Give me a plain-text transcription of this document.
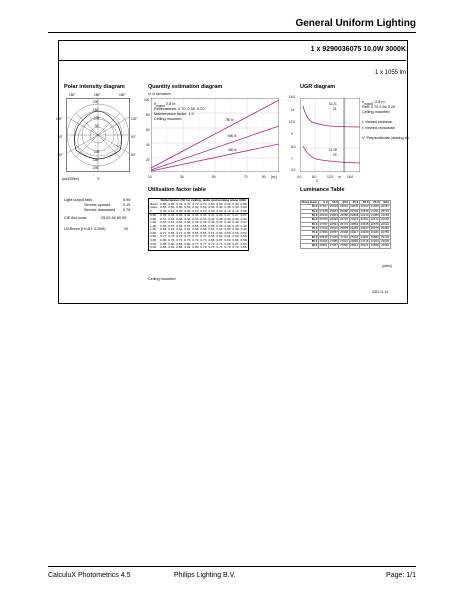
General Uniform Lighting
1 x 9290036075 10.0W 3000K
1 x 1055 lm
Polar intensity diagram
150°	180°	150°
120°
90°
60°
120°
90°
60°
200
150
100
50
100
150
200
(cd/1000lm)	0°
Quantity estimation diagram
nr. of luminaires
100
80
60
40
20
$h_{mount}$ 2.8 m
Reflectances: 0.70, 0.50, 0.20
Maintenance factor: 1.0
Ceiling mounted	750 lx
500 lx
300 lx
10	30	50	70	90 [m²]
UGR diagram
16.0
11
12.0
9
8.0
7
4.0
11.21
21
11.28
29
$h_{mount}$: 2.8 m
Refl: 0.70 0.50 0.20
Ceiling mounted
I: viewed endwise
I: viewed crosswise
V: Perpendicular viewing dir.
4.0	8.0	12.0 m 16.0
X
Light output ratio	0.95
Service upward	0.19
Service downward 0.76
CIE flux code	25 62 84 80 95
UGRnom (H=4H, 0.25H)	20
Utilisation factor table
	Reflectances (%) for ceiling, walls and working plane (CIE)										
Room	0.80	0.80	0.70	0.70	0.70	0.70	0.50	0.50	0.30	0.30	0.00
Index	0.50	0.50	0.50	0.50	0.50	0.50	0.30	0.30	0.30	0.30	0.00
k	0.30	0.10	0.30	0.20	0.10	0.10	0.30	0.10	0.10	0.10	0.00
0.60	0.39	0.36	0.38	0.36	0.35	0.35	0.31	0.30	0.27	0.27	0.27
0.80	0.47	0.44	0.46	0.44	0.43	0.43	0.39	0.38	0.34	0.34	0.32
1.00	0.53	0.51	0.52	0.50	0.49	0.49	0.44	0.43	0.40	0.40	0.37
1.25	0.60	0.57	0.59	0.57	0.55	0.55	0.50	0.49	0.45	0.45	0.42
1.50	0.65	0.62	0.64	0.61	0.59	0.59	0.54	0.53	0.50	0.49	0.46
2.00	0.72	0.68	0.71	0.68	0.66	0.66	0.61	0.60	0.56	0.56	0.52
2.50	0.77	0.73	0.75	0.73	0.70	0.70	0.65	0.64	0.61	0.60	0.56
3.00	0.80	0.76	0.79	0.76	0.73	0.73	0.68	0.67	0.64	0.63	0.59
4.00	0.85	0.80	0.83	0.80	0.77	0.77	0.72	0.71	0.68	0.67	0.63
5.00	0.88	0.82	0.86	0.82	0.80	0.79	0.75	0.74	0.70	0.70	0.65
Ceiling mounted
Luminance Table
Plane Gam.	0.0	15.0	30.0	45.0	60.0	75.0	90.0
45.0	27407	25629	23991	22835	21902	21289	20487
50.0	27188	25663	24086	22700	21845	21291	20746
55.0	26916	25804	24056	22808	22219	21385	21158
60.0	26783	26495	24715	23374	22761	22141	21618
65.0	27037	26591	25174	23864	23045	22576	22012
70.0	27019	26910	25895	24282	23527	23075	22384
75.0	27896	26857	26948	24917	23909	23481	22789
80.0	28815	27465	27116	25434	24281	23881	23139
85.0	29196	27985	27631	26082	24715	24264	23625
90.0	28901	27957	27892	26613	25221	24668	24052
(cd/m²)
2022-11-14
CalculuX Photometrics 4.5	Philips Lighting B.V.	Page: 1/1
